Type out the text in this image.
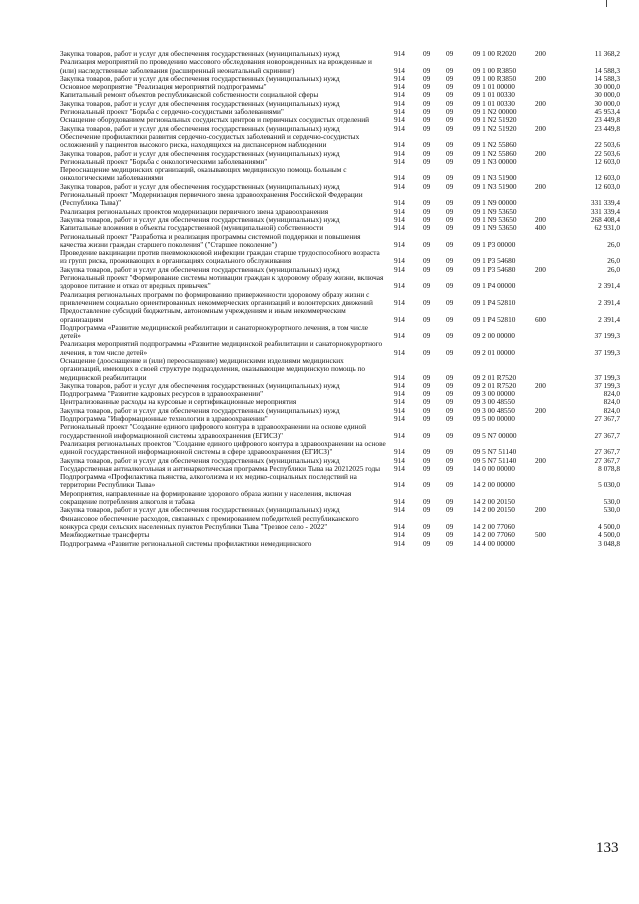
Закупка товаров, работ и услуг для обеспечения государственных (муниципальных) нужд	914	09	09	09 1 00 R2020	200	11 368,2
Реализация мероприятий по проведению массового обследования новорожденных на врожденные и (или) наследственные заболевания (расширенный неонатальный скрининг)	914	09	09	09 1 00 R3850		14 588,3
Закупка товаров, работ и услуг для обеспечения государственных (муниципальных) нужд	914	09	09	09 1 00 R3850	200	14 588,3
Основное мероприятие "Реализация мероприятий подпрограммы"	914	09	09	09 1 01 00000		30 000,0
Капитальный ремонт объектов республиканской собственности социальной сферы	914	09	09	09 1 01 00330		30 000,0
Закупка товаров, работ и услуг для обеспечения государственных (муниципальных) нужд	914	09	09	09 1 01 00330	200	30 000,0
Региональный проект "Борьба с сердечно-сосудистыми заболеваниями"	914	09	09	09 1 N2 00000		45 953,4
Оснащение оборудованием региональных сосудистых центров и первичных сосудистых отделений	914	09	09	09 1 N2 51920		23 449,8
Закупка товаров, работ и услуг для обеспечения государственных (муниципальных) нужд	914	09	09	09 1 N2 51920	200	23 449,8
Обеспечение профилактики развития сердечно-сосудистых заболеваний и сердечно-сосудистых осложнений у пациентов высокого риска, находящихся на диспансерном наблюдении	914	09	09	09 1 N2 55860		22 503,6
Закупка товаров, работ и услуг для обеспечения государственных (муниципальных) нужд	914	09	09	09 1 N2 55860	200	22 503,6
Региональный проект "Борьба с онкологическими заболеваниями"	914	09	09	09 1 N3 00000		12 603,0
Переоснащение медицинских организаций, оказывающих медицинскую помощь больным с онкологическими заболеваниями	914	09	09	09 1 N3 51900		12 603,0
Закупка товаров, работ и услуг для обеспечения государственных (муниципальных) нужд	914	09	09	09 1 N3 51900	200	12 603,0
Региональный проект "Модернизация первичного звена здравоохранения Российской Федерации (Республика Тыва)"	914	09	09	09 1 N9 00000		331 339,4
Реализация региональных проектов модернизации первичного звена здравоохранения	914	09	09	09 1 N9 53650		331 339,4
Закупка товаров, работ и услуг для обеспечения государственных (муниципальных) нужд	914	09	09	09 1 N9 53650	200	268 408,4
Капитальные вложения в объекты государственной (муниципальной) собственности	914	09	09	09 1 N9 53650	400	62 931,0
Региональный проект "Разработка и реализация программы системной поддержки и повышения качества жизни граждан старшего поколения" ("Старшее поколение")	914	09	09	09 1 P3 00000		26,0
Проведение вакцинации против пневмококковой инфекции граждан старше трудоспособного возраста из групп риска, проживающих в организациях социального обслуживания	914	09	09	09 1 P3 54680		26,0
Закупка товаров, работ и услуг для обеспечения государственных (муниципальных) нужд	914	09	09	09 1 P3 54680	200	26,0
Региональный проект "Формирование системы мотивации граждан к здоровому образу жизни, включая здоровое питание и отказ от вредных привычек"	914	09	09	09 1 P4 00000		2 391,4
Реализация региональных программ по формированию приверженности здоровому образу жизни с привлечением социально ориентированных некоммерческих организаций и волонтерских движений	914	09	09	09 1 P4 52810		2 391,4
Предоставление субсидий бюджетным, автономным учреждениям и иным некоммерческим организациям	914	09	09	09 1 P4 52810	600	2 391,4
Подпрограмма «Развитие медицинской реабилитации и санаторнокурортного лечения, в том числе детей»	914	09	09	09 2 00 00000		37 199,3
Реализация мероприятий подпрограммы «Развитие медицинской реабилитации и санаторнокурортного лечения, в том числе детей»	914	09	09	09 2 01 00000		37 199,3
Оснащение (дооснащение и (или) переоснащение) медицинскими изделиями медицинских организаций, имеющих в своей структуре подразделения, оказывающие медицинскую помощь по медицинской реабилитации	914	09	09	09 2 01 R7520		37 199,3
Закупка товаров, работ и услуг для обеспечения государственных (муниципальных) нужд	914	09	09	09 2 01 R7520	200	37 199,3
Подпрограмма "Развитие кадровых ресурсов в здравоохранении"	914	09	09	09 3 00 00000		824,0
Централизованные расходы на курсовые и сертификационные мероприятия	914	09	09	09 3 00 48550		824,0
Закупка товаров, работ и услуг для обеспечения государственных (муниципальных) нужд	914	09	09	09 3 00 48550	200	824,0
Подпрограмма "Информационные технологии в здравоохранении"	914	09	09	09 5 00 00000		27 367,7
Региональный проект "Создание единого цифрового контура в здравоохранении на основе единой государственной информационной системы здравоохранения (ЕГИСЗ)"	914	09	09	09 5 N7 00000		27 367,7
Реализация региональных проектов "Создание единого цифрового контура в здравоохранении на основе единой государственной информационной системы в сфере здравоохранения (ЕГИСЗ)"	914	09	09	09 5 N7 51140		27 367,7
Закупка товаров, работ и услуг для обеспечения государственных (муниципальных) нужд	914	09	09	09 5 N7 51140	200	27 367,7
Государственная антиалкогольная и антинаркотическая программа Республики Тыва на 20212025 годы	914	09	09	14 0 00 00000		8 078,8
Подпрограмма «Профилактика пьянства, алкоголизма и их медико-социальных последствий на территории Республики Тыва»	914	09	09	14 2 00 00000		5 030,0
Мероприятия, направленные на формирование здорового образа жизни у населения, включая сокращение потребления алкоголя и табака	914	09	09	14 2 00 20150		530,0
Закупка товаров, работ и услуг для обеспечения государственных (муниципальных) нужд	914	09	09	14 2 00 20150	200	530,0
Финансовое обеспечение расходов, связанных с премированием победителей республиканского конкурса среди сельских населенных пунктов Республики Тыва "Трезвое село - 2022"	914	09	09	14 2 00 77060		4 500,0
Межбюджетные трансферты	914	09	09	14 2 00 77060	500	4 500,0
Подпрограмма «Развитие региональной системы профилактики немедицинского	914	09	09	14 4 00 00000		3 048,8
133
